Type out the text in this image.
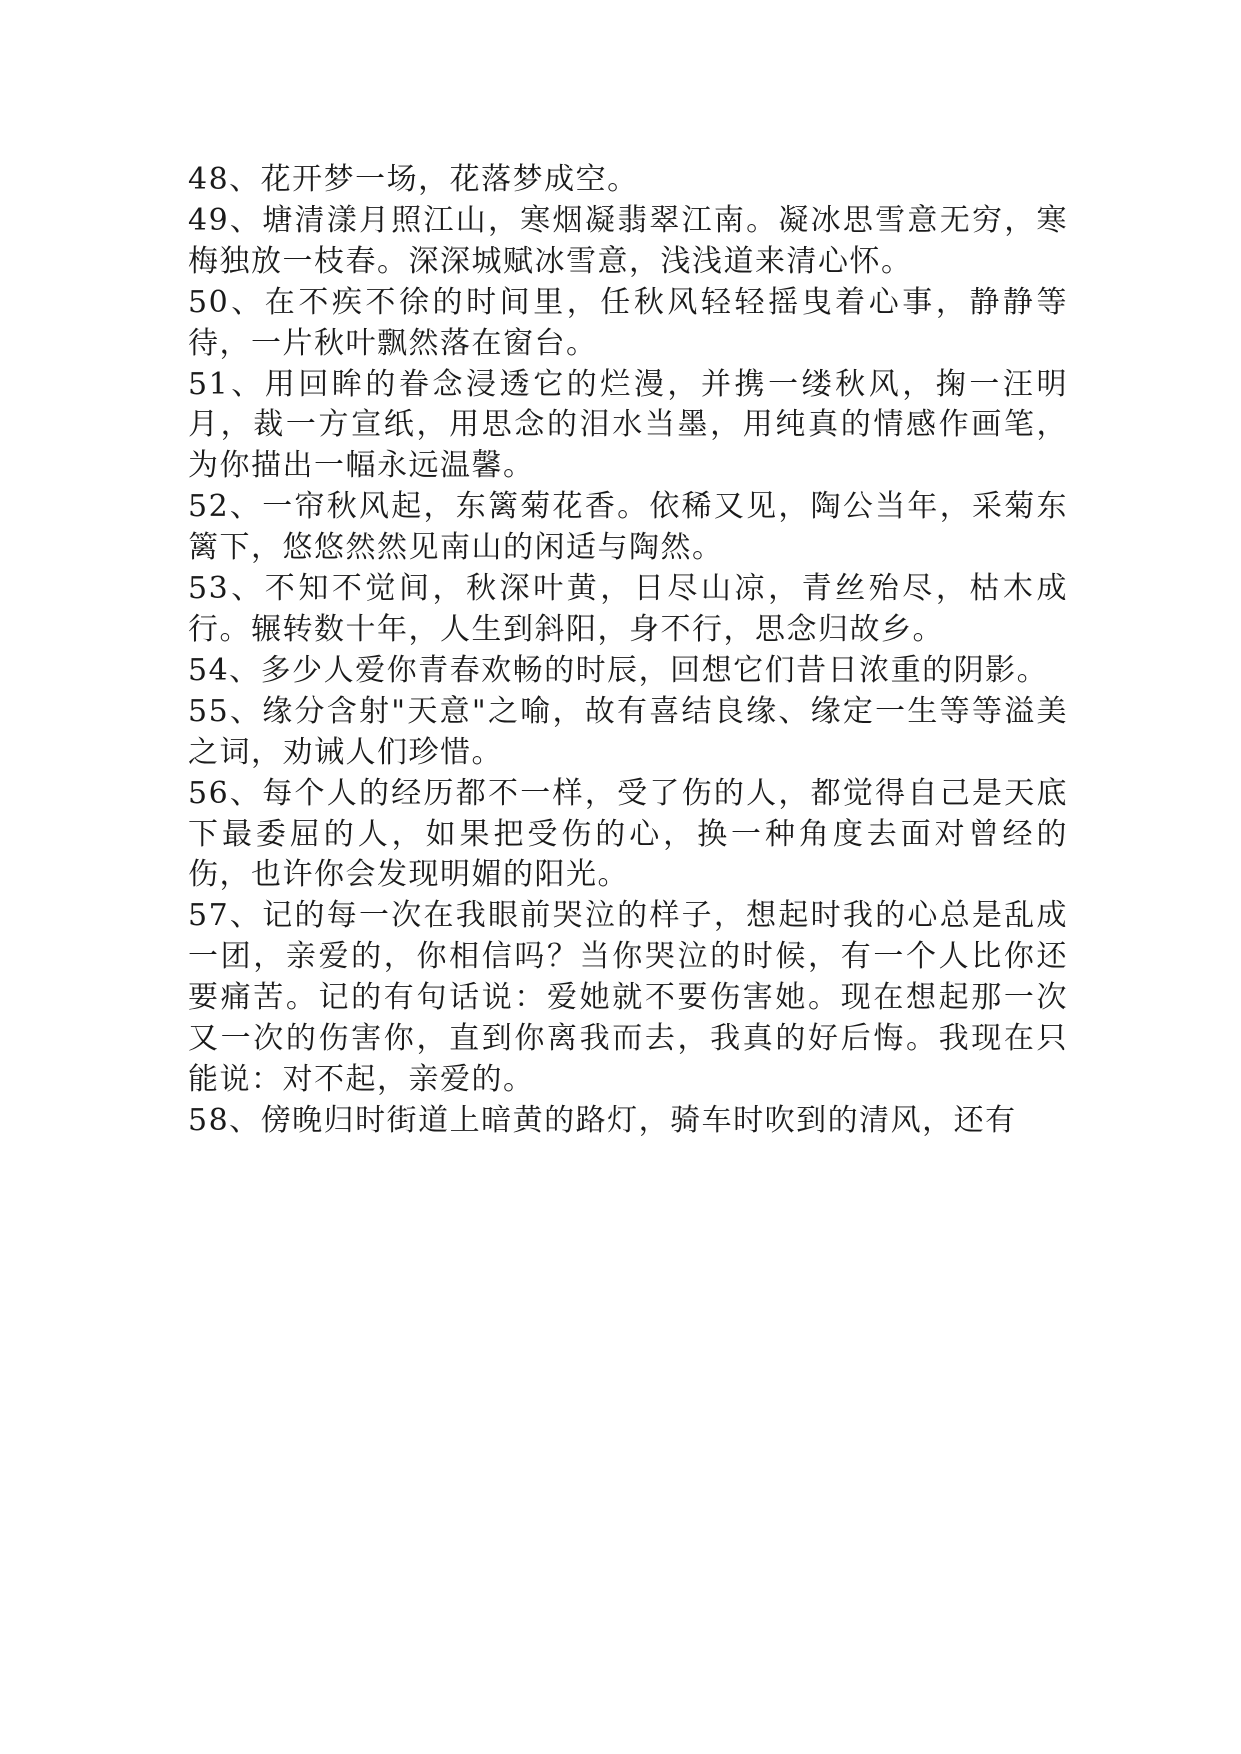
48、花开梦一场，花落梦成空。

49、塘清漾月照江山，寒烟凝翡翠江南。凝冰思雪意无穷，寒梅独放一枝春。深深城赋冰雪意，浅浅道来清心怀。

50、在不疾不徐的时间里，任秋风轻轻摇曳着心事，静静等待，一片秋叶飘然落在窗台。

51、用回眸的眷念浸透它的烂漫，并携一缕秋风，掬一汪明月，裁一方宣纸，用思念的泪水当墨，用纯真的情感作画笔，为你描出一幅永远温馨。

52、一帘秋风起，东篱菊花香。依稀又见，陶公当年，采菊东篱下，悠悠然然见南山的闲适与陶然。

53、不知不觉间，秋深叶黄，日尽山凉，青丝殆尽，枯木成行。辗转数十年，人生到斜阳，身不行，思念归故乡。

54、多少人爱你青春欢畅的时辰，回想它们昔日浓重的阴影。

55、缘分含射"天意"之喻，故有喜结良缘、缘定一生等等溢美之词，劝诫人们珍惜。

56、每个人的经历都不一样，受了伤的人，都觉得自己是天底下最委屈的人，如果把受伤的心，换一种角度去面对曾经的伤，也许你会发现明媚的阳光。

57、记的每一次在我眼前哭泣的样子，想起时我的心总是乱成一团，亲爱的，你相信吗？当你哭泣的时候，有一个人比你还要痛苦。记的有句话说：爱她就不要伤害她。现在想起那一次又一次的伤害你，直到你离我而去，我真的好后悔。我现在只能说：对不起，亲爱的。

58、傍晚归时街道上暗黄的路灯，骑车时吹到的清风，还有
